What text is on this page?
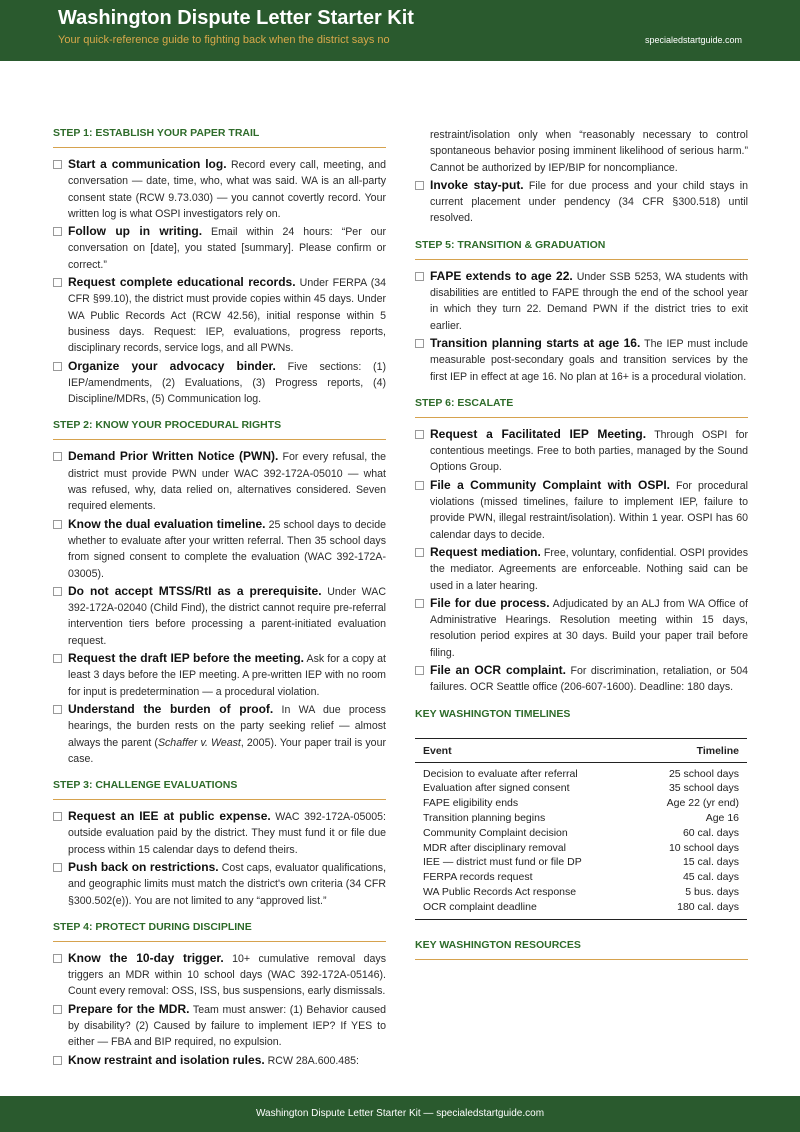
Washington Dispute Letter Starter Kit
Your quick-reference guide to fighting back when the district says no	specialedstartguide.com
STEP 1: ESTABLISH YOUR PAPER TRAIL
Start a communication log. Record every call, meeting, and conversation — date, time, who, what was said. WA is an all-party consent state (RCW 9.73.030) — you cannot covertly record. Your written log is what OSPI investigators rely on.
Follow up in writing. Email within 24 hours: “Per our conversation on [date], you stated [summary]. Please confirm or correct.”
Request complete educational records. Under FERPA (34 CFR §99.10), the district must provide copies within 45 days. Under WA Public Records Act (RCW 42.56), initial response within 5 business days. Request: IEP, evaluations, progress reports, disciplinary records, service logs, and all PWNs.
Organize your advocacy binder. Five sections: (1) IEP/amendments, (2) Evaluations, (3) Progress reports, (4) Discipline/MDRs, (5) Communication log.
STEP 2: KNOW YOUR PROCEDURAL RIGHTS
Demand Prior Written Notice (PWN). For every refusal, the district must provide PWN under WAC 392-172A-05010 — what was refused, why, data relied on, alternatives considered. Seven required elements.
Know the dual evaluation timeline. 25 school days to decide whether to evaluate after your written referral. Then 35 school days from signed consent to complete the evaluation (WAC 392-172A-03005).
Do not accept MTSS/RtI as a prerequisite. Under WAC 392-172A-02040 (Child Find), the district cannot require pre-referral intervention tiers before processing a parent-initiated evaluation request.
Request the draft IEP before the meeting. Ask for a copy at least 3 days before the IEP meeting. A pre-written IEP with no room for input is predetermination — a procedural violation.
Understand the burden of proof. In WA due process hearings, the burden rests on the party seeking relief — almost always the parent (Schaffer v. Weast, 2005). Your paper trail is your case.
STEP 3: CHALLENGE EVALUATIONS
Request an IEE at public expense. WAC 392-172A-05005: outside evaluation paid by the district. They must fund it or file due process within 15 calendar days to defend theirs.
Push back on restrictions. Cost caps, evaluator qualifications, and geographic limits must match the district's own criteria (34 CFR §300.502(e)). You are not limited to any “approved list.”
STEP 4: PROTECT DURING DISCIPLINE
Know the 10-day trigger. 10+ cumulative removal days triggers an MDR within 10 school days (WAC 392-172A-05146). Count every removal: OSS, ISS, bus suspensions, early dismissals.
Prepare for the MDR. Team must answer: (1) Behavior caused by disability? (2) Caused by failure to implement IEP? If YES to either — FBA and BIP required, no expulsion.
Know restraint and isolation rules. RCW 28A.600.485:
restraint/isolation only when “reasonably necessary to control spontaneous behavior posing imminent likelihood of serious harm.” Cannot be authorized by IEP/BIP for noncompliance.
Invoke stay-put. File for due process and your child stays in current placement under pendency (34 CFR §300.518) until resolved.
STEP 5: TRANSITION & GRADUATION
FAPE extends to age 22. Under SSB 5253, WA students with disabilities are entitled to FAPE through the end of the school year in which they turn 22. Demand PWN if the district tries to exit earlier.
Transition planning starts at age 16. The IEP must include measurable post-secondary goals and transition services by the first IEP in effect at age 16. No plan at 16+ is a procedural violation.
STEP 6: ESCALATE
Request a Facilitated IEP Meeting. Through OSPI for contentious meetings. Free to both parties, managed by the Sound Options Group.
File a Community Complaint with OSPI. For procedural violations (missed timelines, failure to implement IEP, failure to provide PWN, illegal restraint/isolation). Within 1 year. OSPI has 60 calendar days to decide.
Request mediation. Free, voluntary, confidential. OSPI provides the mediator. Agreements are enforceable. Nothing said can be used in a later hearing.
File for due process. Adjudicated by an ALJ from WA Office of Administrative Hearings. Resolution meeting within 15 days, resolution period expires at 30 days. Build your paper trail before filing.
File an OCR complaint. For discrimination, retaliation, or 504 failures. OCR Seattle office (206-607-1600). Deadline: 180 days.
KEY WASHINGTON TIMELINES
Event	Timeline
Decision to evaluate after referral	25 school days
Evaluation after signed consent	35 school days
FAPE eligibility ends	Age 22 (yr end)
Transition planning begins	Age 16
Community Complaint decision	60 cal. days
MDR after disciplinary removal	10 school days
IEE — district must fund or file DP	15 cal. days
FERPA records request	45 cal. days
WA Public Records Act response	5 bus. days
OCR complaint deadline	180 cal. days
KEY WASHINGTON RESOURCES
Washington Dispute Letter Starter Kit — specialedstartguide.com
